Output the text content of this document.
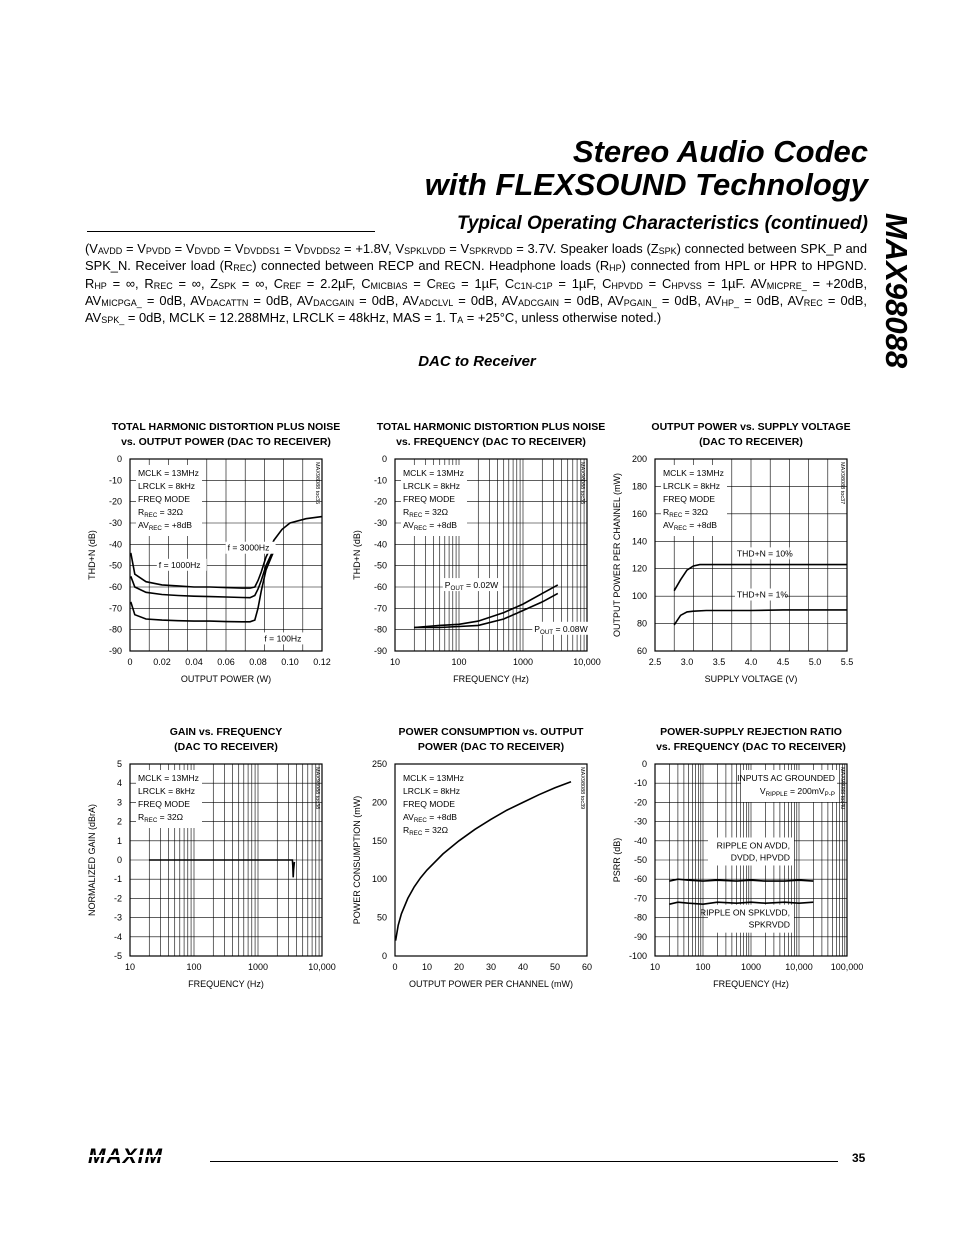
Stereo Audio Codec
with FLEXSOUND Technology
Typical Operating Characteristics (continued) MAX98088
($V_{AVDD} = V_{PVDD} = V_{DVDD} = V_{DVDDS1} = V_{DVDDS2} = +1.8V$, $V_{SPKLVDD} = V_{SPKRVDD} = 3.7V$. Speaker loads $(Z_{SPK})$ connected between SPK_P and SPK_N. Receiver load $(R_{REC})$ connected between RECP and RECN. Headphone loads $(R_{HP})$ connected from HPL or HPR to HPGND. $R_{HP}$ = ∞, $R_{REC}$ = ∞, $Z_{SPK}$ = ∞, $C_{REF} = 2.2\mu F$, $C_{MICBIAS} = C_{REG} = 1\mu F$, $C_{C1N-C1P} = 1\mu F$, $C_{HPVDD} = C_{HPVSS} = 1\mu F$. $AV_{MICPRE\_} = +20dB$, $AV_{MICPGA\_} = 0dB$, $AV_{DACATTN} = 0dB$, $AV_{DACGAIN} = 0dB$, $AV_{ADCLVL} = 0dB$, $AV_{ADCGAIN} = 0dB$, $AV_{PGAIN\_} = 0dB$, $AV_{HP\_} = 0dB$, $AV_{REC} = 0dB$, $AV_{SPK\_} = 0dB$, MCLK = 12.288MHz, LRCLK = 48kHz, MAS = 1. $T_A = +25^\circ C$, unless otherwise noted.)
DAC to Receiver
TOTAL HARMONIC DISTORTION PLUS NOISE
vs. OUTPUT POWER (DAC TO RECEIVER)
0 0.02 0.04 0.06 0.08 0.10 0.12
0
-10
-20
-30
-40
-50
-60
-70
-80
-90
OUTPUT POWER (W)
THD+N (dB)
MAX98088 toc35
MCLK = 13MHz
LRCLK = 8kHz
FREQ MODE
$R_{REC} = 32\Omega$
$AV_{REC} = +8dB$
f = 3000Hz
f = 1000Hz
f = 100Hz
TOTAL HARMONIC DISTORTION PLUS NOISE
vs. FREQUENCY (DAC TO RECEIVER)
10	100	1000	10,000
0
-10
-20
-30
-40
-50
-60
-70
-80
-90
FREQUENCY (Hz)
THD+N (dB)
MAX98088 toc36
MCLK = 13MHz
LRCLK = 8kHz
FREQ MODE
$R_{REC} = 32\Omega$
$AV_{REC} = +8dB$
$P_{OUT} = 0.02W$
$P_{OUT} = 0.08W$
OUTPUT POWER vs. SUPPLY VOLTAGE
(DAC TO RECEIVER)
2.5 3.0 3.5 4.0 4.5 5.0 5.5
200
180
160
140
120
100
80
60
SUPPLY VOLTAGE (V)
OUTPUT POWER PER CHANNEL (mW)	MAX98088 toc37
MCLK = 13MHz
LRCLK = 8kHz
FREQ MODE
$R_{REC} = 32\Omega$
$AV_{REC} = +8dB$
THD+N = 10%
THD+N = 1%
GAIN vs. FREQUENCY
(DAC TO RECEIVER)
10	100	1000	10,000
5
4
3
2
1
0
-1
-2
-3
-4
-5
FREQUENCY (Hz)
NORMALIZED GAIN (dBrA)
MAX98088 toc38
MCLK = 13MHz
LRCLK = 8kHz
FREQ MODE
$R_{REC} = 32\Omega$
POWER CONSUMPTION vs. OUTPUT
POWER (DAC TO RECEIVER)
0	10 20 30 40 50 60
250
200
150
100
50
0
OUTPUT POWER PER CHANNEL (mW)
POWER CONSUMPTION (mW)
MAX98088 toc39
MCLK = 13MHz
LRCLK = 8kHz
FREQ MODE
$AV_{REC} = +8dB$
$R_{REC} = 32\Omega$
POWER-SUPPLY REJECTION RATIO
vs. FREQUENCY (DAC TO RECEIVER)
10	100	1000	10,000 100,000
0
-10
-20
-30
-40
-50
-60
-70
-80
-90
-100
FREQUENCY (Hz)
PSRR (dB)
MAX98088 toc40
INPUTS AC GROUNDED
$V_{RIPPLE} = 200mV_{P-P}$
RIPPLE ON AVDD,
DVDD, HPVDD
RIPPLE ON SPKLVDD,
SPKRVDD
MAXIM	35
